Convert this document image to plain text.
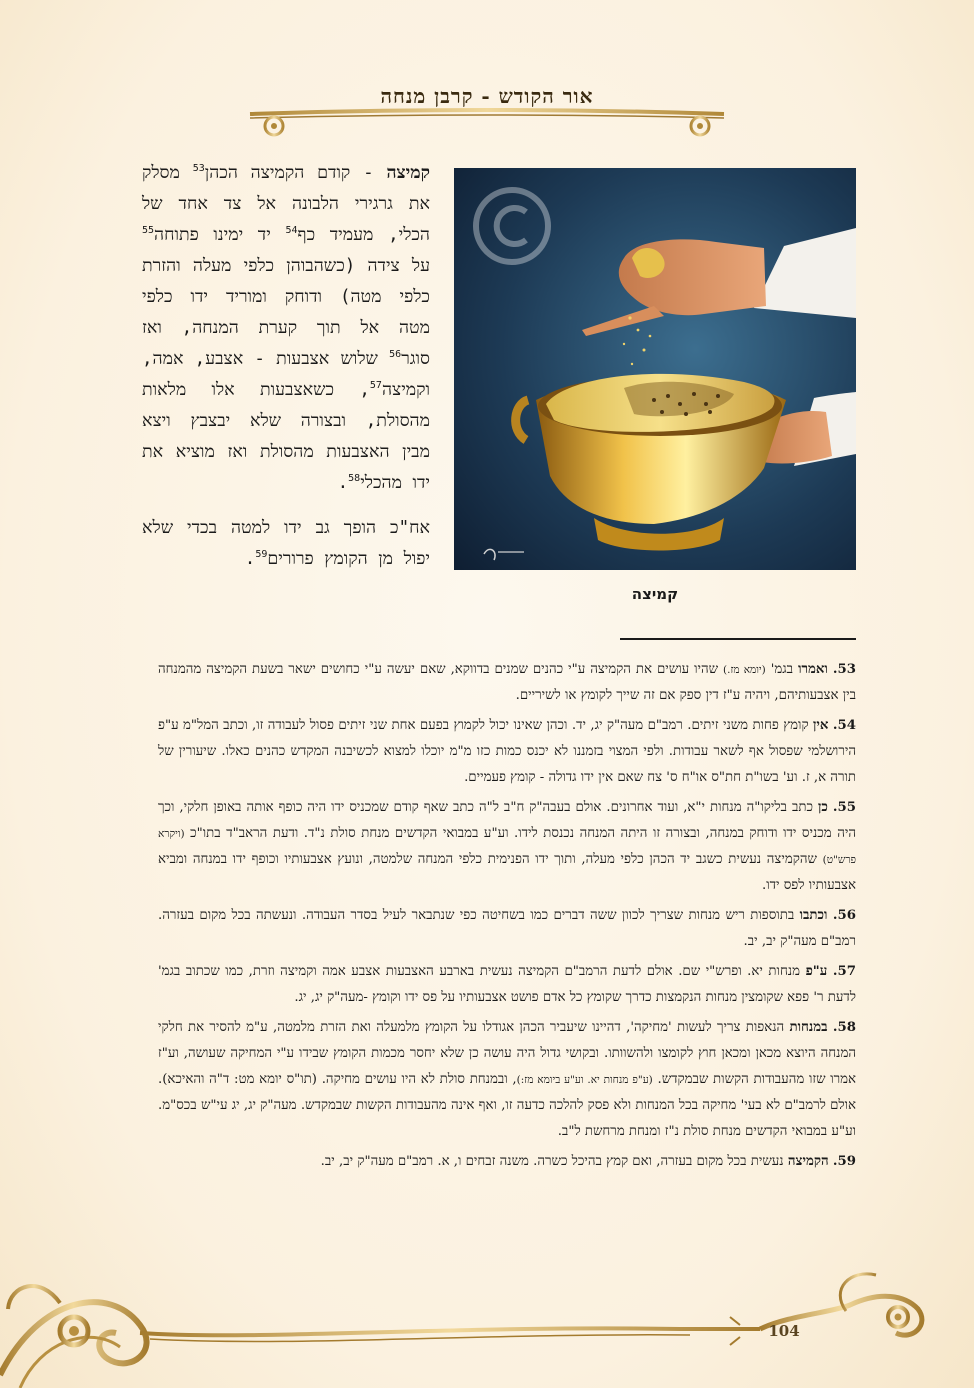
אור הקודש - קרבן מנחה

קמיצה - קודם הקמיצה הכהן$^{53}$ מסלק את גרגירי הלבונה אל צד אחד של הכלי, מעמיד כף$^{54}$ יד ימינו פתוחה$^{55}$ על צידה (כשהבוהן כלפי מעלה והזרת כלפי מטה) ודוחק ומוריד ידו כלפי מטה אל תוך קערת המנחה, ואז סוגר$^{56}$ שלוש אצבעות - אצבע, אמה, וקמיצה$^{57}$, כשאצבעות אלו מלאות מהסולת, ובצורה שלא יבצבץ ויצא מבין האצבעות מהסולת ואז מוציא את ידו מהכלי$^{58}$.

אח"כ הופך גב ידו למטה בכדי שלא יפול מן הקומץ פרורים$^{59}$.

קמיצה
53. ואמרו בגמ' (יומא מז.) שהיו עושים את הקמיצה ע"י כהנים שמנים בדווקא, שאם יעשה ע"י כחושים ישאר בשעת הקמיצה מהמנחה בין אצבעותיהם, ויהיה ע"ז דין ספק אם זה שייך לקומץ או לשיריים.
54. אין קומץ פחות משני זיתים. רמב"ם מעה"ק יג, יד. וכהן שאינו יכול לקמוץ בפעם אחת שני זיתים פסול לעבודה זו, וכתב המל"מ ע"פ הירושלמי שפסול אף לשאר עבודות. ולפי המצוי בזמננו לא יכנס כמות כזו מ"מ יוכלו למצוא לכשיבנה המקדש כהנים כאלו. שיעורין של תורה א, ז. וע' בשו"ת חת"ס או"ח ס' צח שאם אין ידו גדולה - קומץ פעמיים.
55. כן כתב בליקו"ה מנחות י"א, ועוד אחרונים. אולם בעבה"ק ח"ב ל"ה כתב שאף קודם שמכניס ידו היה כופף אותה באופן חלקי, וכך היה מכניס ידו ודוחק במנחה, ובצורה זו היתה המנחה נכנסת לידו. וע"ע במבואי הקדשים מנחת סולת נ"ד. ודעת הראב"ד בתו"כ (ויקרא פרש"ט) שהקמיצה נעשית כשגב יד הכהן כלפי מעלה, ותוך ידו הפנימית כלפי המנחה שלמטה, ונועץ אצבעותיו וכופף ידו במנחה ומביא אצבעותיו לפס ידו.
56. וכתבו בתוספות ריש מנחות שצריך לכוון ששה דברים כמו בשחיטה כפי שנתבאר לעיל בסדר העבודה. ונעשתה בכל מקום בעזרה. רמב"ם מעה"ק יב, יב.
57. ע"פ מנחות יא. ופרש"י שם. אולם לדעת הרמב"ם הקמיצה נעשית בארבע האצבעות אצבע אמה וקמיצה וזרת, כמו שכתוב בגמ' לדעת ר' פפא שקומצין מנחות הנקמצות כדרך שקומץ כל אדם פושט אצבעותיו על פס ידו וקומץ -מעה"ק יג, יג.
58. במנחות הנאפות צריך לעשות 'מחיקה', דהיינו שיעביר הכהן אגודלו על הקומץ מלמעלה ואת הזרת מלמטה, ע"מ להסיר את חלקי המנחה היוצא מכאן ומכאן חוץ לקומצו ולהשוותו. ובקושי גדול היה עושה כן שלא יחסר מכמות הקומץ שבידו ע"י המחיקה שעושה, וע"ז אמרו שזו מהעבודות הקשות שבמקדש. (ע"פ מנחות יא. וע"ע ביומא מז:), ובמנחת סולת לא היו עושים מחיקה. (תו"ס יומא מט: ד"ה והאיכא). אולם לרמב"ם לא בעי' מחיקה בכל המנחות ולא פסק להלכה כדעה זו, ואף אינה מהעבודות הקשות שבמקדש. מעה"ק יג, יג עי"ש בכס"מ. וע"ע במבואי הקדשים מנחת סולת נ"ז ומנחת מרחשת ל"ב.
59. הקמיצה נעשית בכל מקום בעזרה, ואם קמץ בהיכל כשרה. משנה זבחים ו, א. רמב"ם מעה"ק יב, יב.
104
